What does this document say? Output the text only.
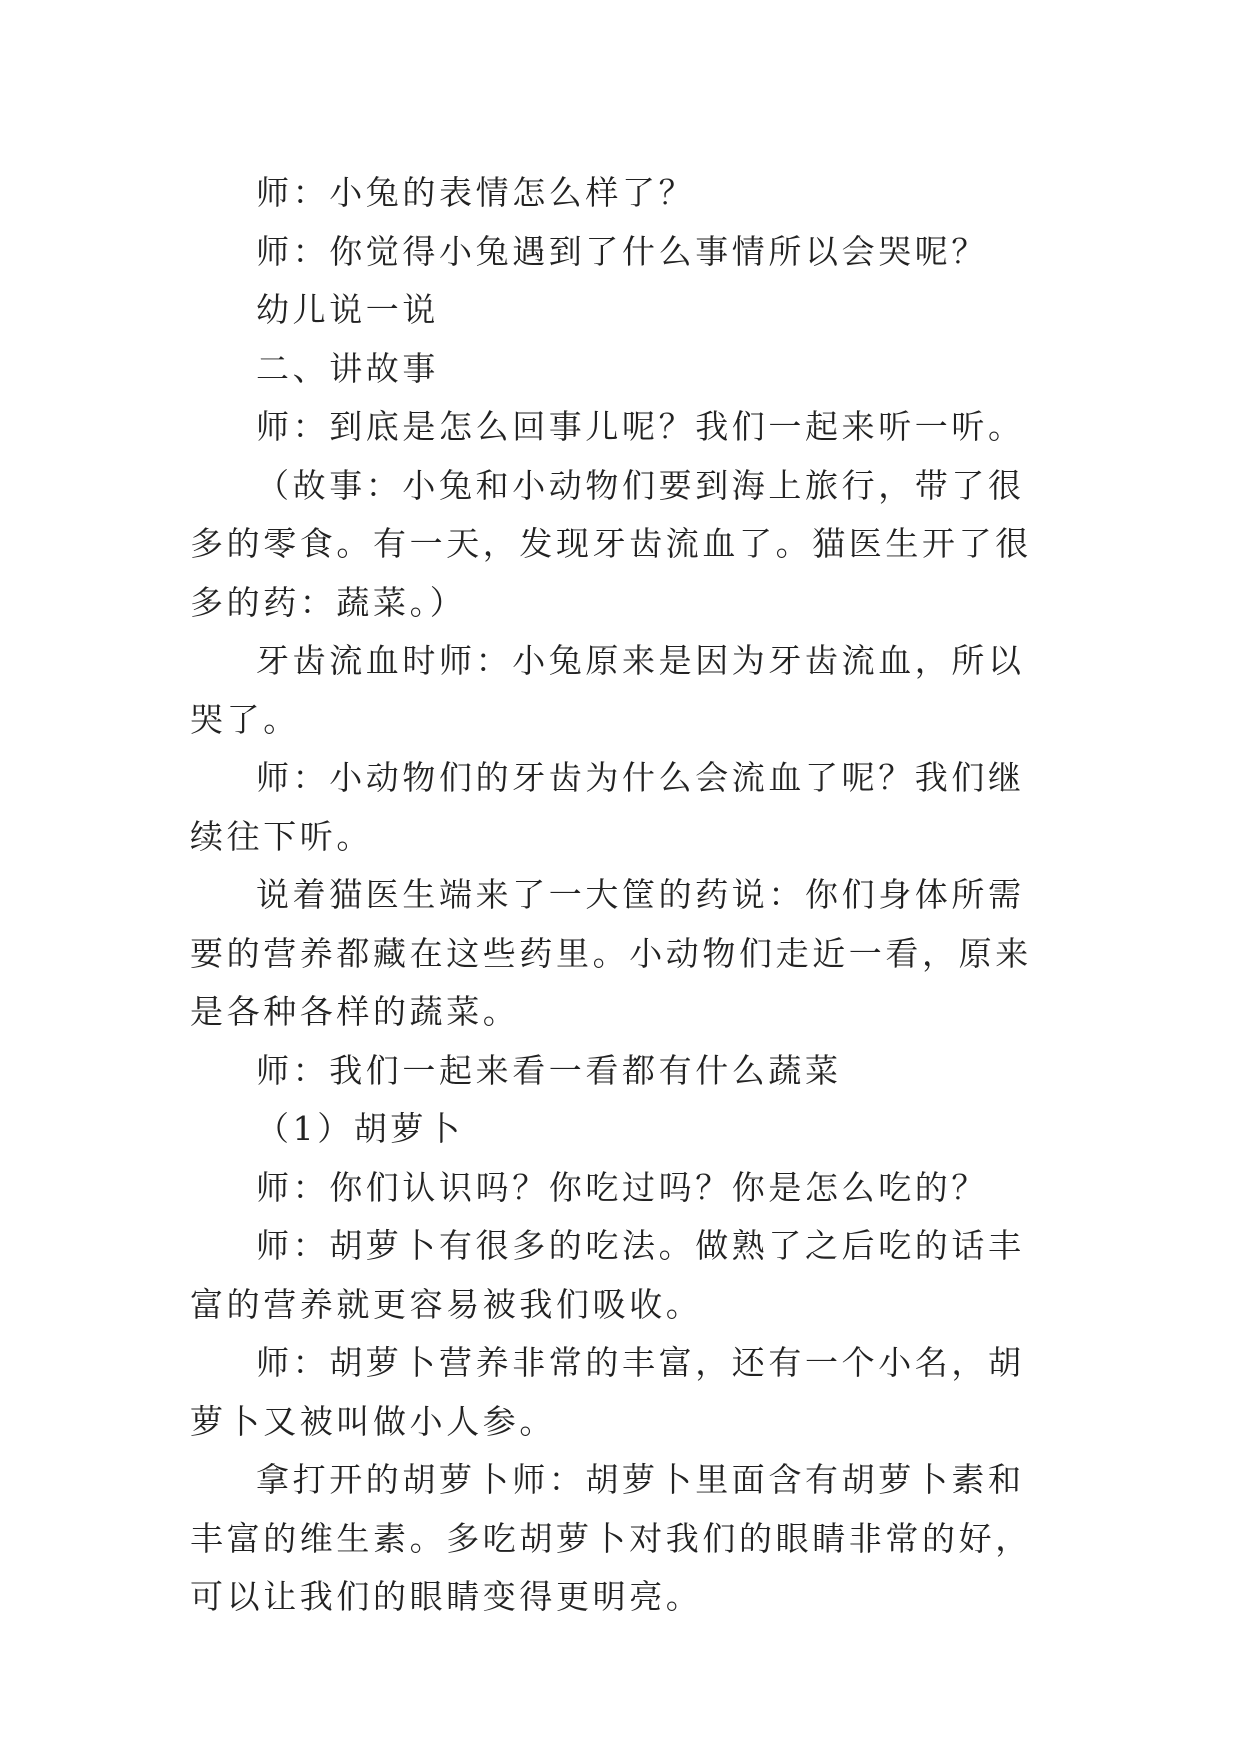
师：小兔的表情怎么样了？

师：你觉得小兔遇到了什么事情所以会哭呢？

幼儿说一说

二、讲故事

师：到底是怎么回事儿呢？我们一起来听一听。

（故事：小兔和小动物们要到海上旅行，带了很多的零食。有一天，发现牙齿流血了。猫医生开了很多的药：蔬菜。）

牙齿流血时师：小兔原来是因为牙齿流血，所以哭了。

师：小动物们的牙齿为什么会流血了呢？我们继续往下听。

说着猫医生端来了一大筐的药说：你们身体所需要的营养都藏在这些药里。小动物们走近一看，原来是各种各样的蔬菜。

师：我们一起来看一看都有什么蔬菜

（1）胡萝卜

师：你们认识吗？你吃过吗？你是怎么吃的？

师：胡萝卜有很多的吃法。做熟了之后吃的话丰富的营养就更容易被我们吸收。

师：胡萝卜营养非常的丰富，还有一个小名，胡萝卜又被叫做小人参。

拿打开的胡萝卜师：胡萝卜里面含有胡萝卜素和丰富的维生素。多吃胡萝卜对我们的眼睛非常的好，可以让我们的眼睛变得更明亮。
